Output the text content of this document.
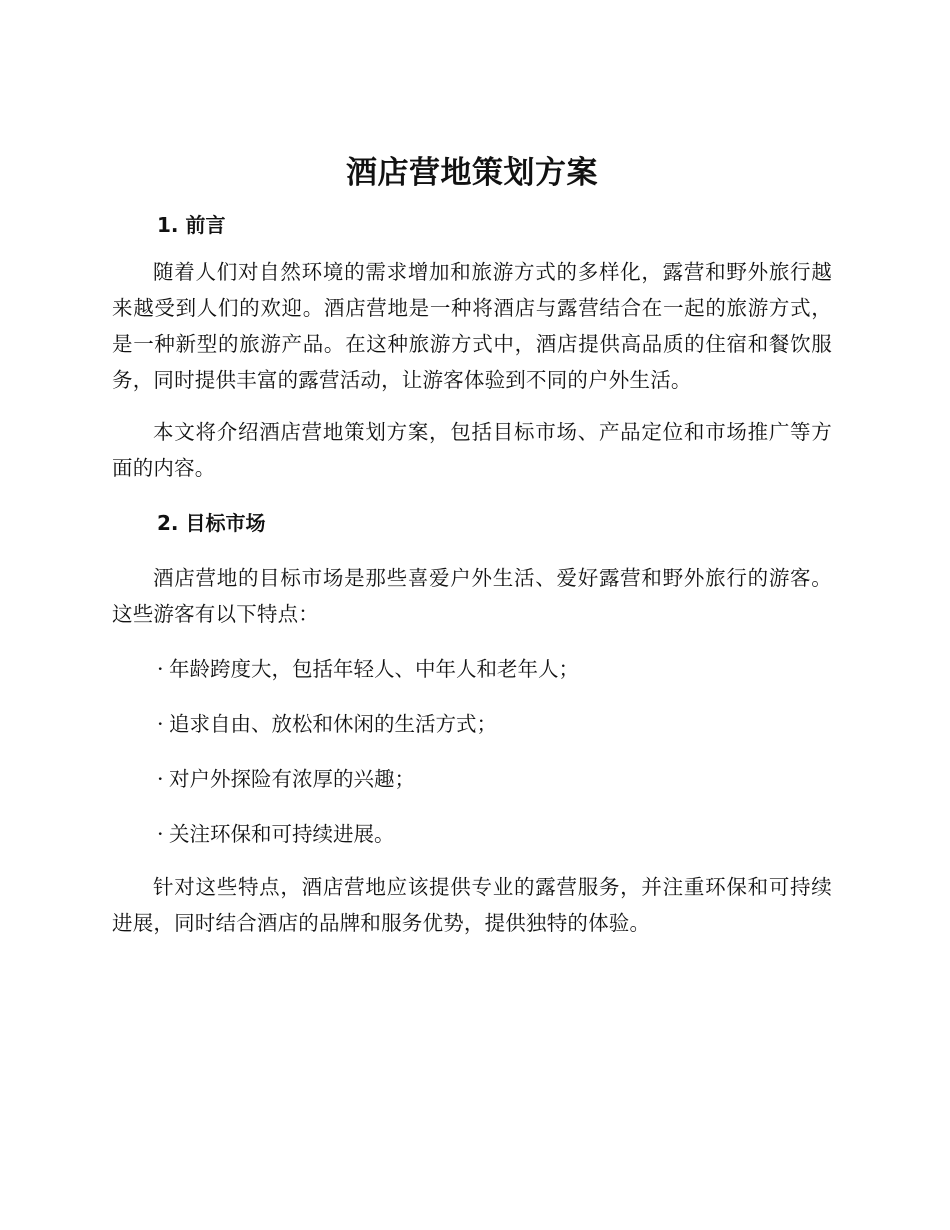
酒店营地策划方案
1. 前言

随着人们对自然环境的需求增加和旅游方式的多样化，露营和野外旅行越来越受到人们的欢迎。酒店营地是一种将酒店与露营结合在一起的旅游方式，是一种新型的旅游产品。在这种旅游方式中，酒店提供高品质的住宿和餐饮服务，同时提供丰富的露营活动，让游客体验到不同的户外生活。

本文将介绍酒店营地策划方案，包括目标市场、产品定位和市场推广等方面的内容。

2. 目标市场

酒店营地的目标市场是那些喜爱户外生活、爱好露营和野外旅行的游客。这些游客有以下特点：

· 年龄跨度大，包括年轻人、中年人和老年人；

· 追求自由、放松和休闲的生活方式；

· 对户外探险有浓厚的兴趣；

· 关注环保和可持续进展。

针对这些特点，酒店营地应该提供专业的露营服务，并注重环保和可持续进展，同时结合酒店的品牌和服务优势，提供独特的体验。
